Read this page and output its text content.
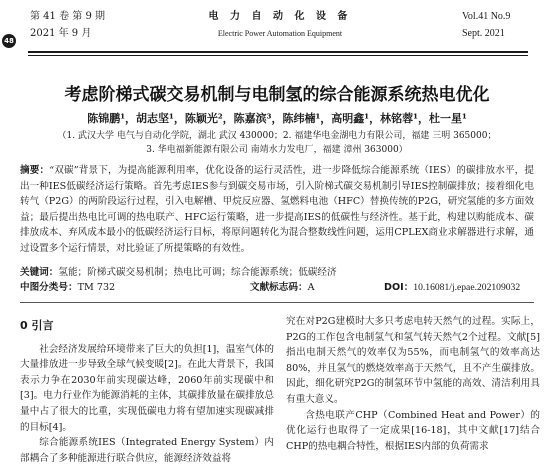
48
第 41 卷 第 9 期
2021 年 9 月
电 力 自 动 化 设 备
Electric Power Automation Equipment
Vol.41 No.9
Sept. 2021
考虑阶梯式碳交易机制与电制氢的综合能源系统热电优化
陈锦鹏¹，胡志坚¹，陈颖光²，陈嘉滨³，陈纬楠¹，高明鑫¹，林铭蓉¹，杜一星¹
（1. 武汉大学 电气与自动化学院，湖北 武汉 430000；2. 福建华电金湖电力有限公司，福建 三明 365000；
3. 华电福新能源有限公司 南靖水力发电厂，福建 漳州 363000）
摘要：“双碳”背景下，为提高能源利用率，优化设备的运行灵活性，进一步降低综合能源系统（IES）的碳排放水平，提出一种IES低碳经济运行策略。首先考虑IES参与到碳交易市场，引入阶梯式碳交易机制引导IES控制碳排放；接着细化电转气（P2G）的两阶段运行过程，引入电解槽、甲烷反应器、氢燃料电池（HFC）替换传统的P2G，研究氢能的多方面效益；最后提出热电比可调的热电联产、HFC运行策略，进一步提高IES的低碳性与经济性。基于此，构建以购能成本、碳排放成本、弃风成本最小的低碳经济运行目标，将原问题转化为混合整数线性问题，运用CPLEX商业求解器进行求解，通过设置多个运行情景，对比验证了所提策略的有效性。
关键词：氢能；阶梯式碳交易机制；热电比可调；综合能源系统；低碳经济
中图分类号：TM 732	文献标志码：A	DOI：10.16081/j.epae.202109032
0 引言

社会经济发展给环境带来了巨大的负担[1]，温室气体的大量排放进一步导致全球气候变暖[2]。在此大背景下，我国表示力争在2030年前实现碳达峰，2060年前实现碳中和[3]。电力行业作为能源消耗的主体，其碳排放量在碳排放总量中占了很大的比重，实现低碳电力将有望加速实现碳减排的目标[4]。

综合能源系统IES（Integrated Energy System）内部耦合了多种能源进行联合供应，能源经济效益将

究在对P2G建模时大多只考虑电转天然气的过程。实际上，P2G的工作包含电制氢气和氢气转天然气2个过程。文献[5]指出电制天然气的效率仅为55%，而电制氢气的效率高达80%，并且氢气的燃烧效率高于天然气，且不产生碳排放。因此，细化研究P2G的制氢环节中氢能的高效、清洁利用具有重大意义。

含热电联产CHP（Combined Heat and Power）的优化运行也取得了一定成果[16-18]，其中文献[17]结合CHP的热电耦合特性，根据IES内部的负荷需求
